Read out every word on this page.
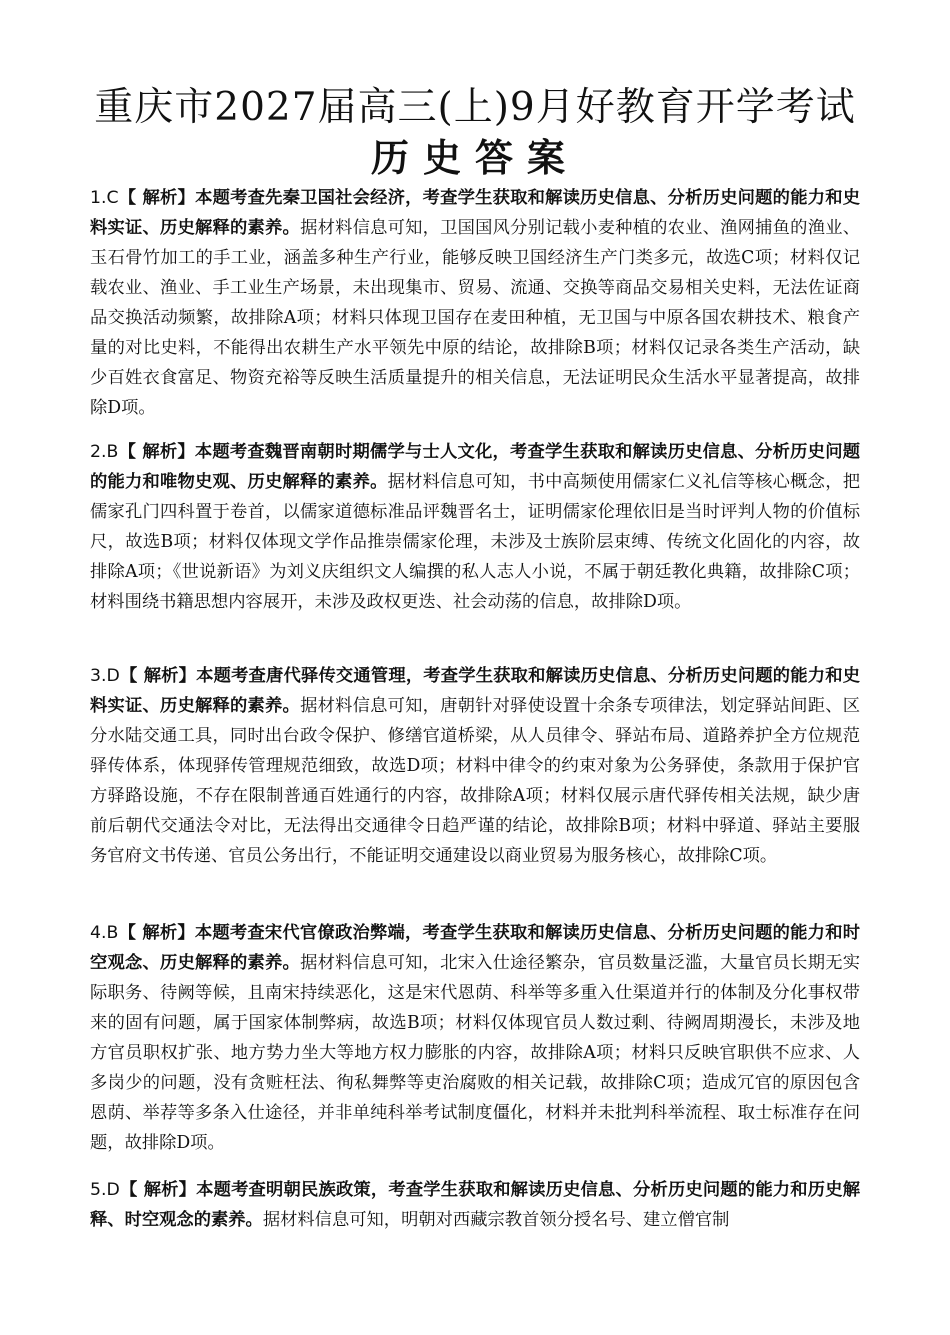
重庆市2027届高三(上)9月好教育开学考试
历史答案

1.C【 解析】本题考查先秦卫国社会经济，考查学生获取和解读历史信息、分析历史问题的能力和史料实证、历史解释的素养。据材料信息可知，卫国国风分别记载小麦种植的农业、渔网捕鱼的渔业、玉石骨竹加工的手工业，涵盖多种生产行业，能够反映卫国经济生产门类多元，故选C项；材料仅记载农业、渔业、手工业生产场景，未出现集市、贸易、流通、交换等商品交易相关史料，无法佐证商品交换活动频繁，故排除A项；材料只体现卫国存在麦田种植，无卫国与中原各国农耕技术、粮食产量的对比史料，不能得出农耕生产水平领先中原的结论，故排除B项；材料仅记录各类生产活动，缺少百姓衣食富足、物资充裕等反映生活质量提升的相关信息，无法证明民众生活水平显著提高，故排除D项。

2.B【 解析】本题考查魏晋南朝时期儒学与士人文化，考查学生获取和解读历史信息、分析历史问题的能力和唯物史观、历史解释的素养。据材料信息可知，书中高频使用儒家仁义礼信等核心概念，把儒家孔门四科置于卷首，以儒家道德标准品评魏晋名士，证明儒家伦理依旧是当时评判人物的价值标尺，故选B项；材料仅体现文学作品推崇儒家伦理，未涉及士族阶层束缚、传统文化固化的内容，故排除A项；《世说新语》为刘义庆组织文人编撰的私人志人小说，不属于朝廷教化典籍，故排除C项；材料围绕书籍思想内容展开，未涉及政权更迭、社会动荡的信息，故排除D项。

3.D【 解析】本题考查唐代驿传交通管理，考查学生获取和解读历史信息、分析历史问题的能力和史料实证、历史解释的素养。据材料信息可知，唐朝针对驿使设置十余条专项律法，划定驿站间距、区分水陆交通工具，同时出台政令保护、修缮官道桥梁，从人员律令、驿站布局、道路养护全方位规范驿传体系，体现驿传管理规范细致，故选D项；材料中律令的约束对象为公务驿使，条款用于保护官方驿路设施，不存在限制普通百姓通行的内容，故排除A项；材料仅展示唐代驿传相关法规，缺少唐前后朝代交通法令对比，无法得出交通律令日趋严谨的结论，故排除B项；材料中驿道、驿站主要服务官府文书传递、官员公务出行，不能证明交通建设以商业贸易为服务核心，故排除C项。

4.B【 解析】本题考查宋代官僚政治弊端，考查学生获取和解读历史信息、分析历史问题的能力和时空观念、历史解释的素养。据材料信息可知，北宋入仕途径繁杂，官员数量泛滥，大量官员长期无实际职务、待阙等候，且南宋持续恶化，这是宋代恩荫、科举等多重入仕渠道并行的体制及分化事权带来的固有问题，属于国家体制弊病，故选B项；材料仅体现官员人数过剩、待阙周期漫长，未涉及地方官员职权扩张、地方势力坐大等地方权力膨胀的内容，故排除A项；材料只反映官职供不应求、人多岗少的问题，没有贪赃枉法、徇私舞弊等吏治腐败的相关记载，故排除C项；造成冗官的原因包含恩荫、举荐等多条入仕途径，并非单纯科举考试制度僵化，材料并未批判科举流程、取士标准存在问题，故排除D项。

5.D【 解析】本题考查明朝民族政策，考查学生获取和解读历史信息、分析历史问题的能力和历史解释、时空观念的素养。据材料信息可知，明朝对西藏宗教首领分授名号、建立僧官制
